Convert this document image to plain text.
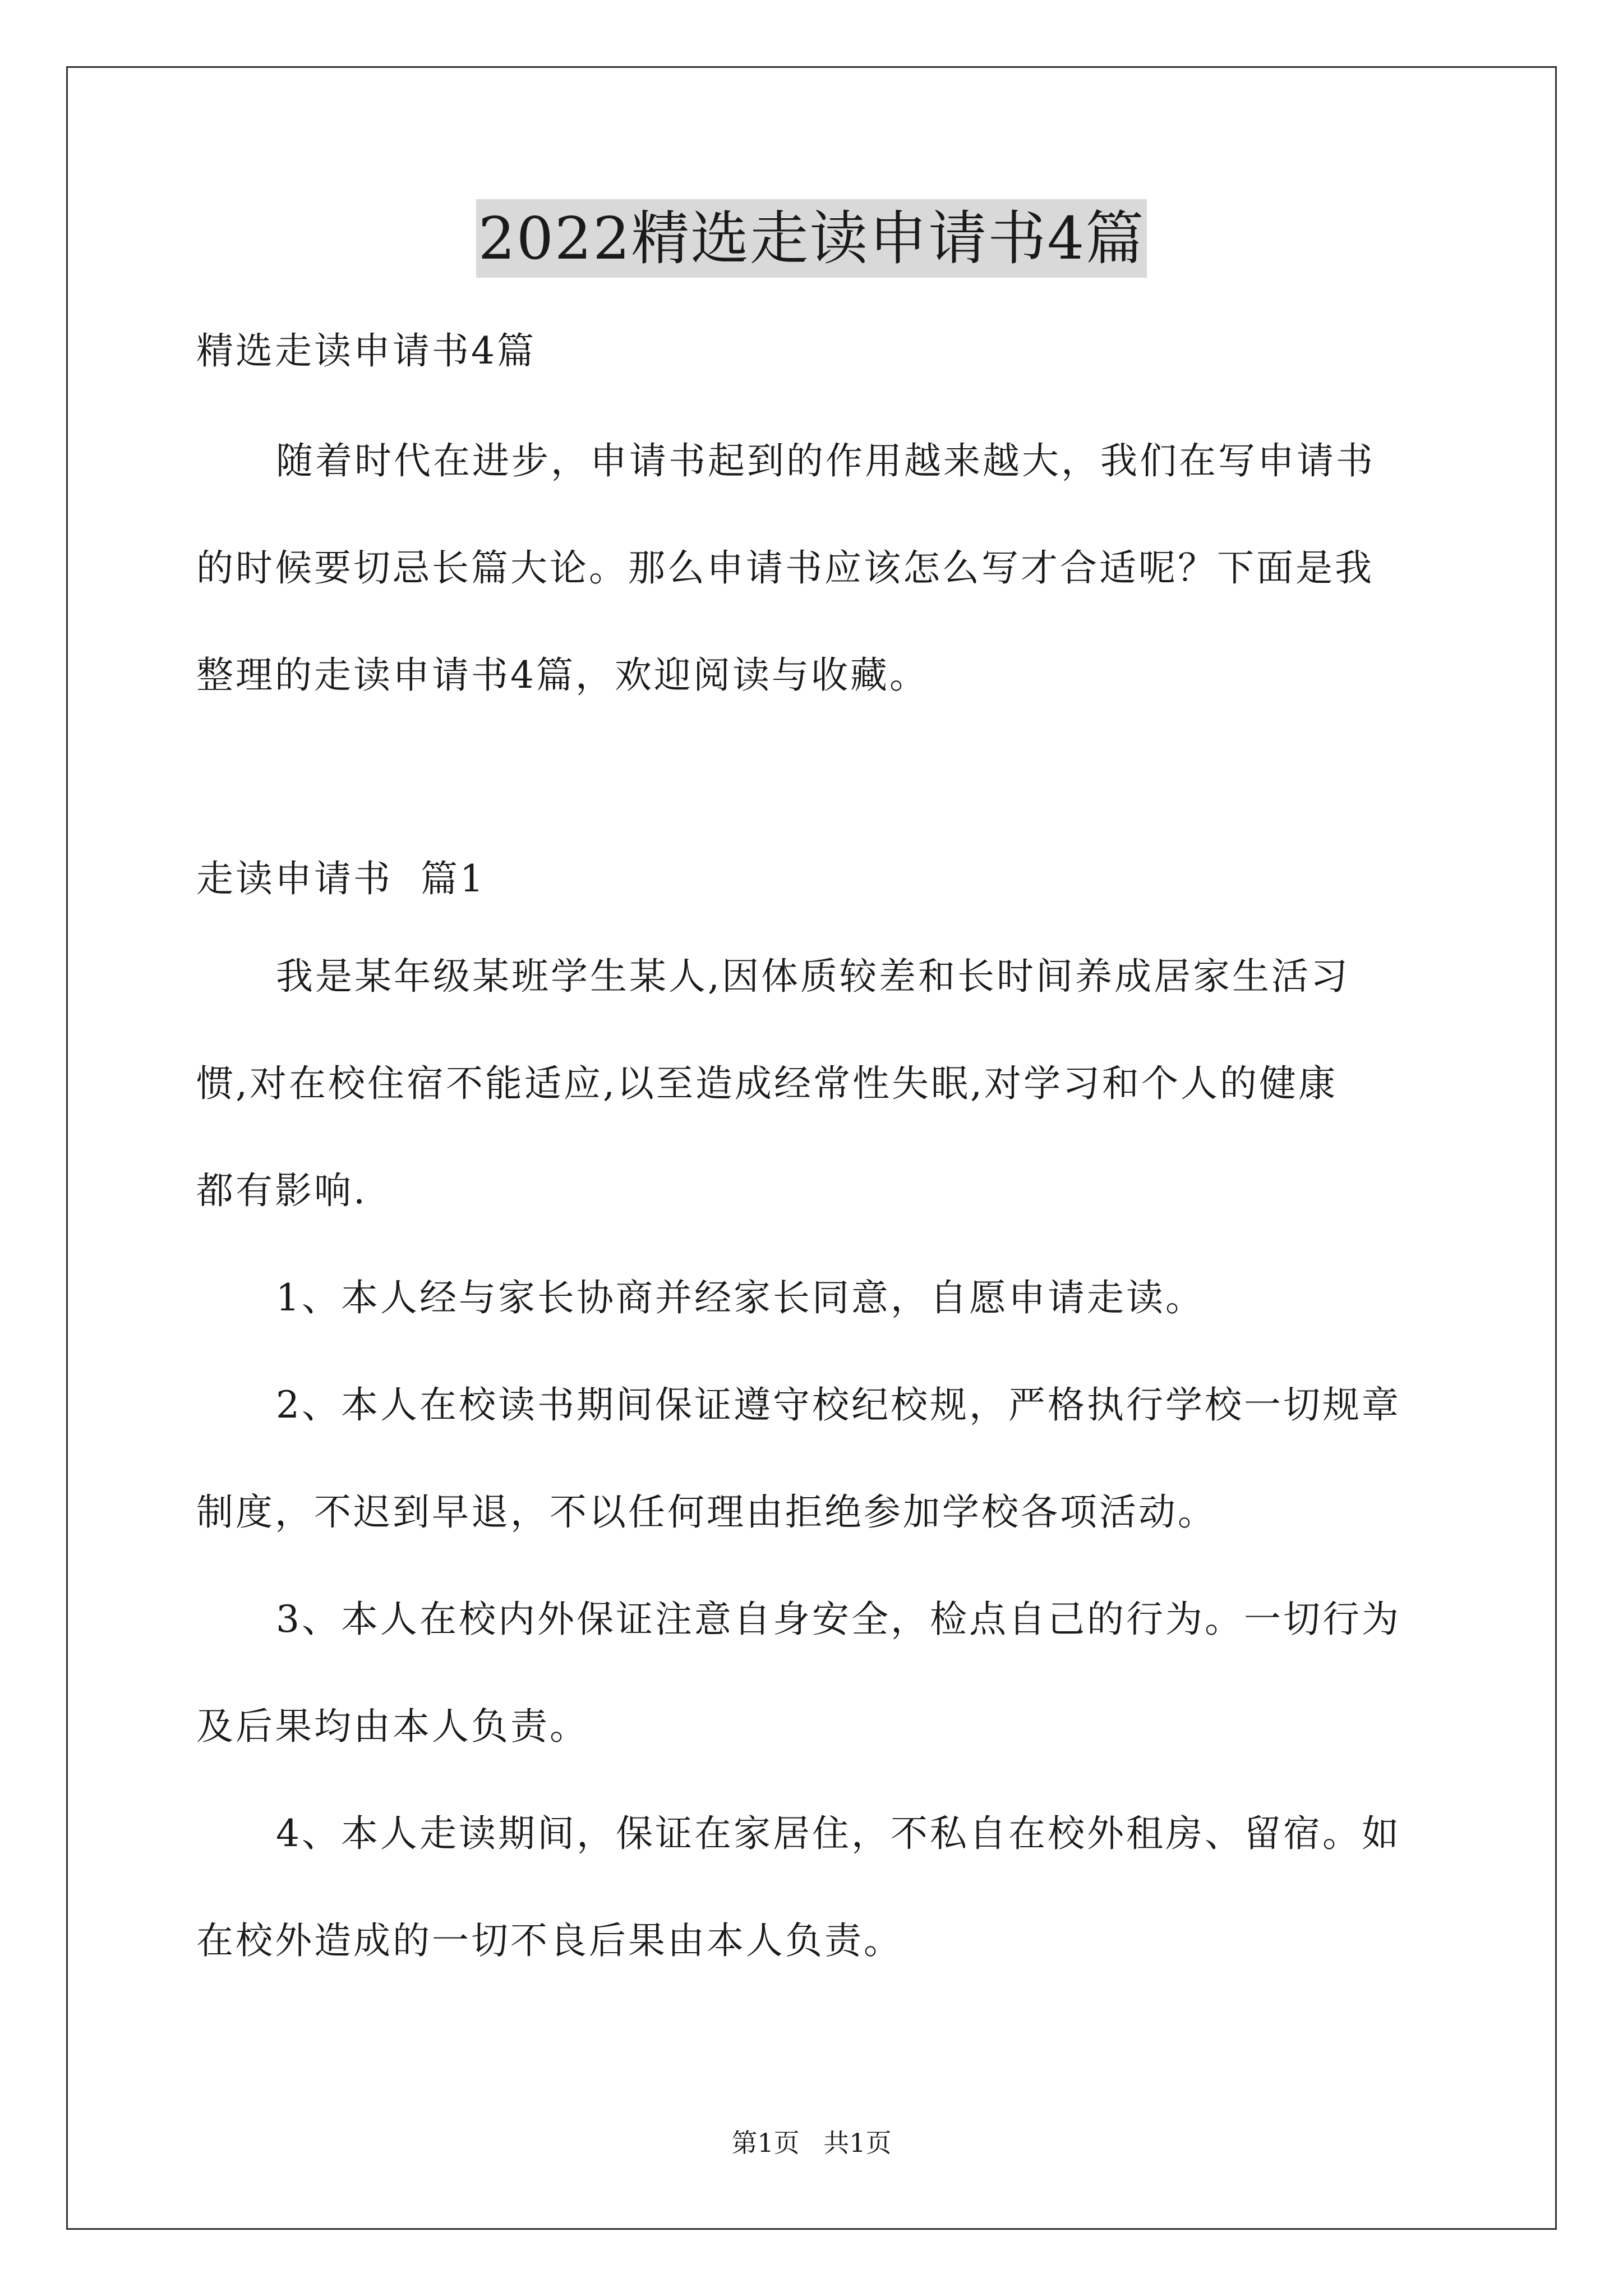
2022精选走读申请书4篇
精选走读申请书4篇
随着时代在进步，申请书起到的作用越来越大，我们在写申请书
的时候要切忌长篇大论。那么申请书应该怎么写才合适呢？下面是我
整理的走读申请书4篇，欢迎阅读与收藏。
走读申请书  篇1
我是某年级某班学生某人,因体质较差和长时间养成居家生活习
惯,对在校住宿不能适应,以至造成经常性失眠,对学习和个人的健康
都有影响.
1、本人经与家长协商并经家长同意，自愿申请走读。
2、本人在校读书期间保证遵守校纪校规，严格执行学校一切规章
制度，不迟到早退，不以任何理由拒绝参加学校各项活动。
3、本人在校内外保证注意自身安全，检点自己的行为。一切行为
及后果均由本人负责。
4、本人走读期间，保证在家居住，不私自在校外租房、留宿。如
在校外造成的一切不良后果由本人负责。
第1页 共1页
